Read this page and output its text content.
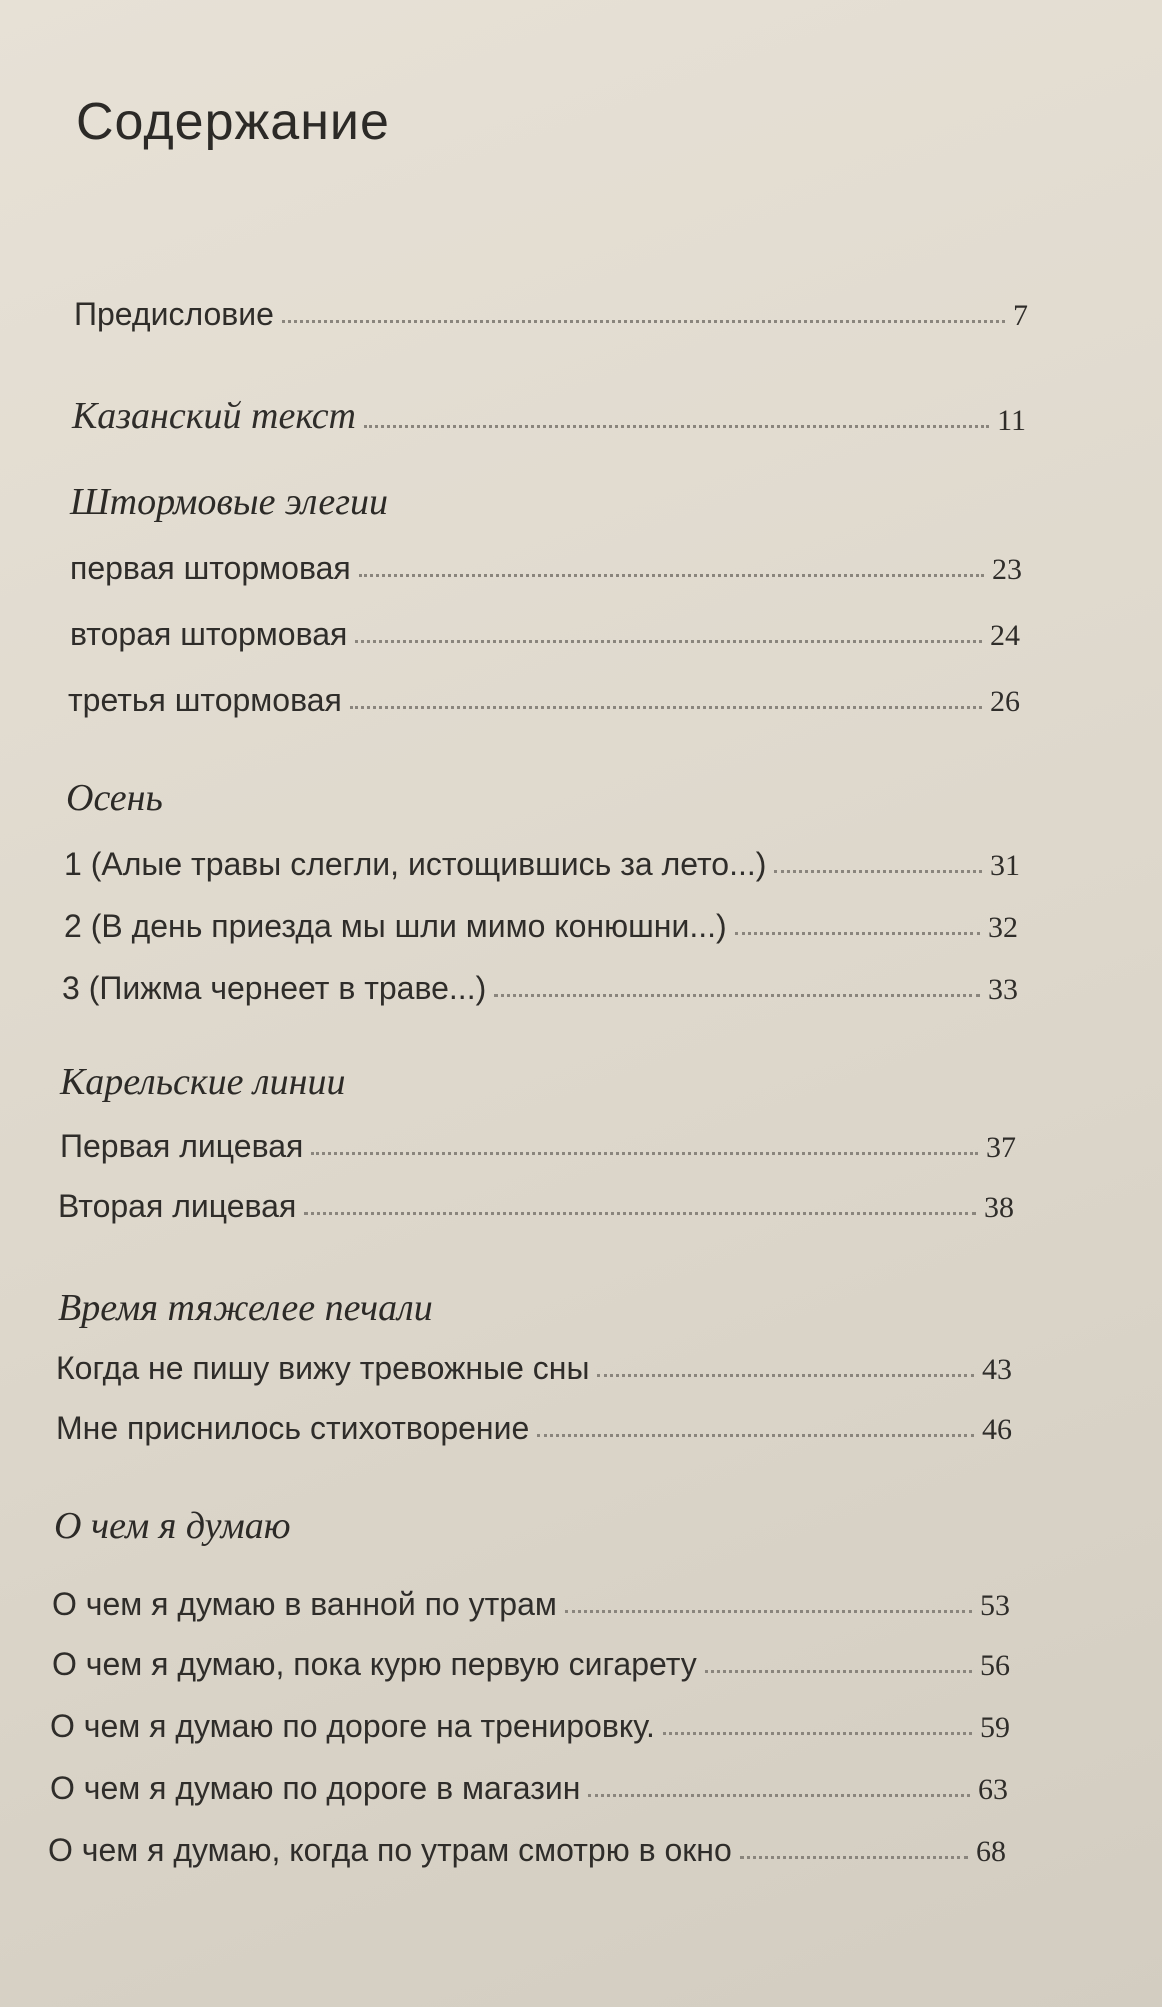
Содержание
Предисловие	7
Казанский текст	11
Штормовые элегии
первая штормовая	23
вторая штормовая	24
третья штормовая	26
Осень
1 (Алые травы слегли, истощившись за лето...)	31
2 (В день приезда мы шли мимо конюшни...)	32
3 (Пижма чернеет в траве...)	33
Карельские линии
Первая лицевая	37
Вторая лицевая	38
Время тяжелее печали
Когда не пишу вижу тревожные сны	43
Мне приснилось стихотворение	46
О чем я думаю
О чем я думаю в ванной по утрам	53
О чем я думаю, пока курю первую сигарету	56
О чем я думаю по дороге на тренировку.	59
О чем я думаю по дороге в магазин	63
О чем я думаю, когда по утрам смотрю в окно	68
